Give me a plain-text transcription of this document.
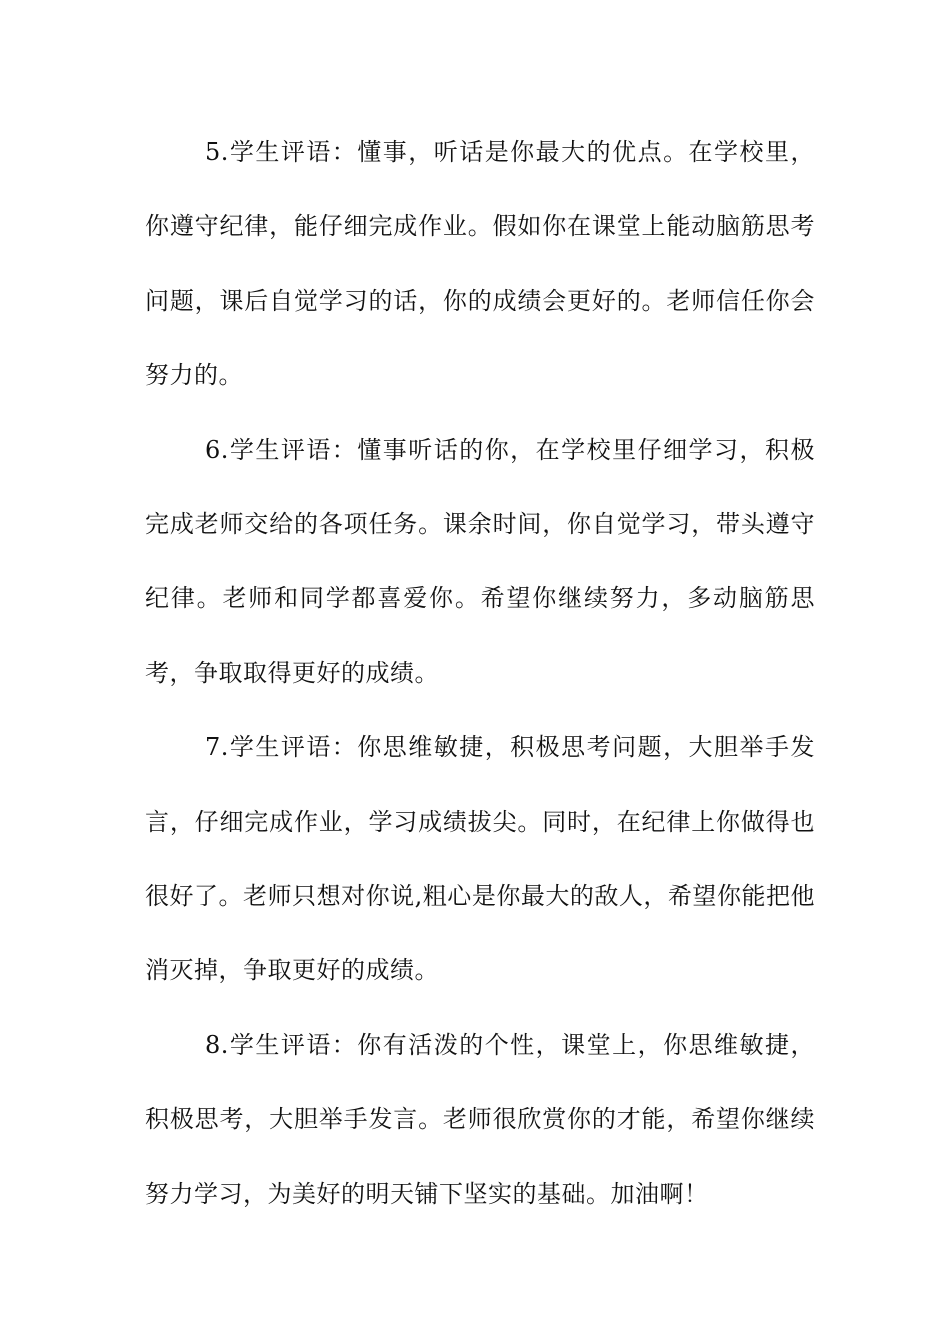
5.学生评语：懂事，听话是你最大的优点。在学校里，你遵守纪律，能仔细完成作业。假如你在课堂上能动脑筋思考问题，课后自觉学习的话，你的成绩会更好的。老师信任你会努力的。

6.学生评语：懂事听话的你，在学校里仔细学习，积极完成老师交给的各项任务。课余时间，你自觉学习，带头遵守纪律。老师和同学都喜爱你。希望你继续努力，多动脑筋思考，争取取得更好的成绩。

7.学生评语：你思维敏捷，积极思考问题，大胆举手发言，仔细完成作业，学习成绩拔尖。同时，在纪律上你做得也很好了。老师只想对你说,粗心是你最大的敌人，希望你能把他消灭掉，争取更好的成绩。

8.学生评语：你有活泼的个性，课堂上，你思维敏捷，积极思考，大胆举手发言。老师很欣赏你的才能，希望你继续努力学习，为美好的明天铺下坚实的基础。加油啊！
